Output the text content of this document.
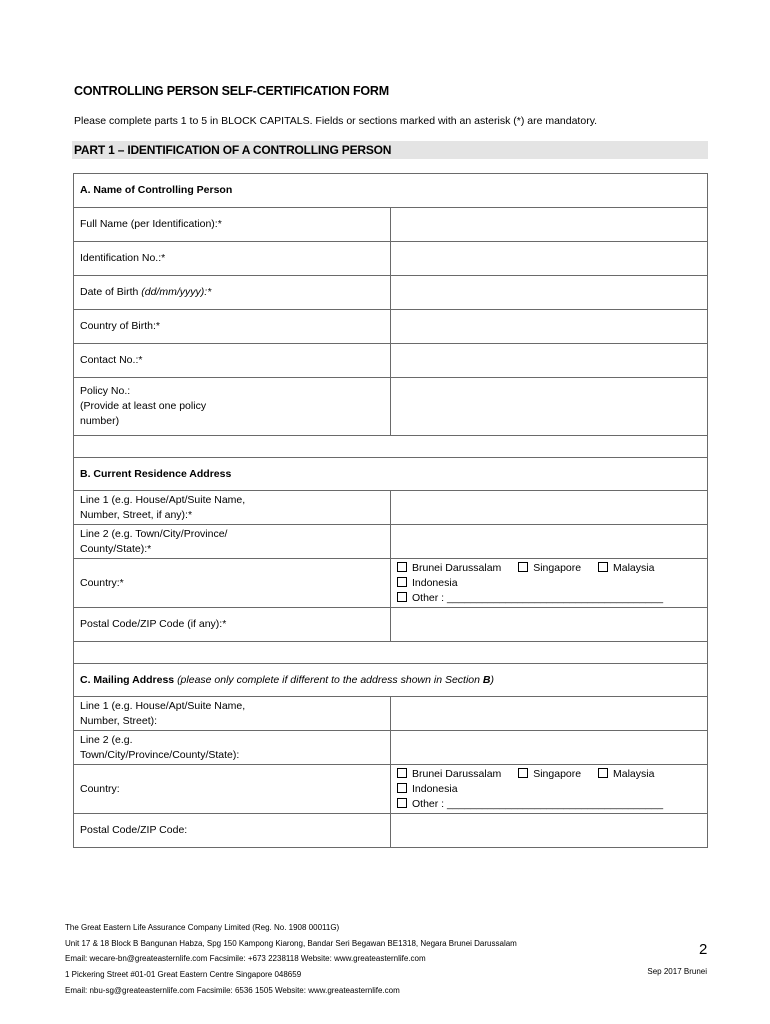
CONTROLLING PERSON SELF-CERTIFICATION FORM
Please complete parts 1 to 5 in BLOCK CAPITALS. Fields or sections marked with an asterisk (*) are mandatory.
PART 1 – IDENTIFICATION OF A CONTROLLING PERSON
A. Name of Controlling Person	
Full Name (per Identification):*	
Identification No.:*	
Date of Birth (dd/mm/yyyy):*	
Country of Birth:*	
Contact No.:*	

Policy No.:
(Provide at least one policy
number)	

B. Current Residence Address	

Line 1 (e.g. House/Apt/Suite Name,
Number, Street, if any):*	

Line 2 (e.g. Town/City/Province/
County/State):*	

Country:*	Brunei Darussalam Singapore Malaysia Indonesia
Other : _____________________________________

Postal Code/ZIP Code (if any):*	

C. Mailing Address (please only complete if different to the address shown in Section B)	

Line 1 (e.g. House/Apt/Suite Name,
Number, Street):	

Line 2 (e.g.
Town/City/Province/County/State):	

Country:	Brunei Darussalam Singapore Malaysia Indonesia
Other : _____________________________________

Postal Code/ZIP Code:	
The Great Eastern Life Assurance Company Limited (Reg. No. 1908 00011G)
Unit 17 & 18 Block B Bangunan Habza, Spg 150 Kampong Kiarong, Bandar Seri Begawan BE1318, Negara Brunei Darussalam
Email: wecare-bn@greateasternlife.com Facsimile: +673 2238118 Website: www.greateasternlife.com
1 Pickering Street #01-01 Great Eastern Centre Singapore 048659
Email: nbu-sg@greateasternlife.com Facsimile: 6536 1505 Website: www.greateasternlife.com
2
Sep 2017 Brunei
